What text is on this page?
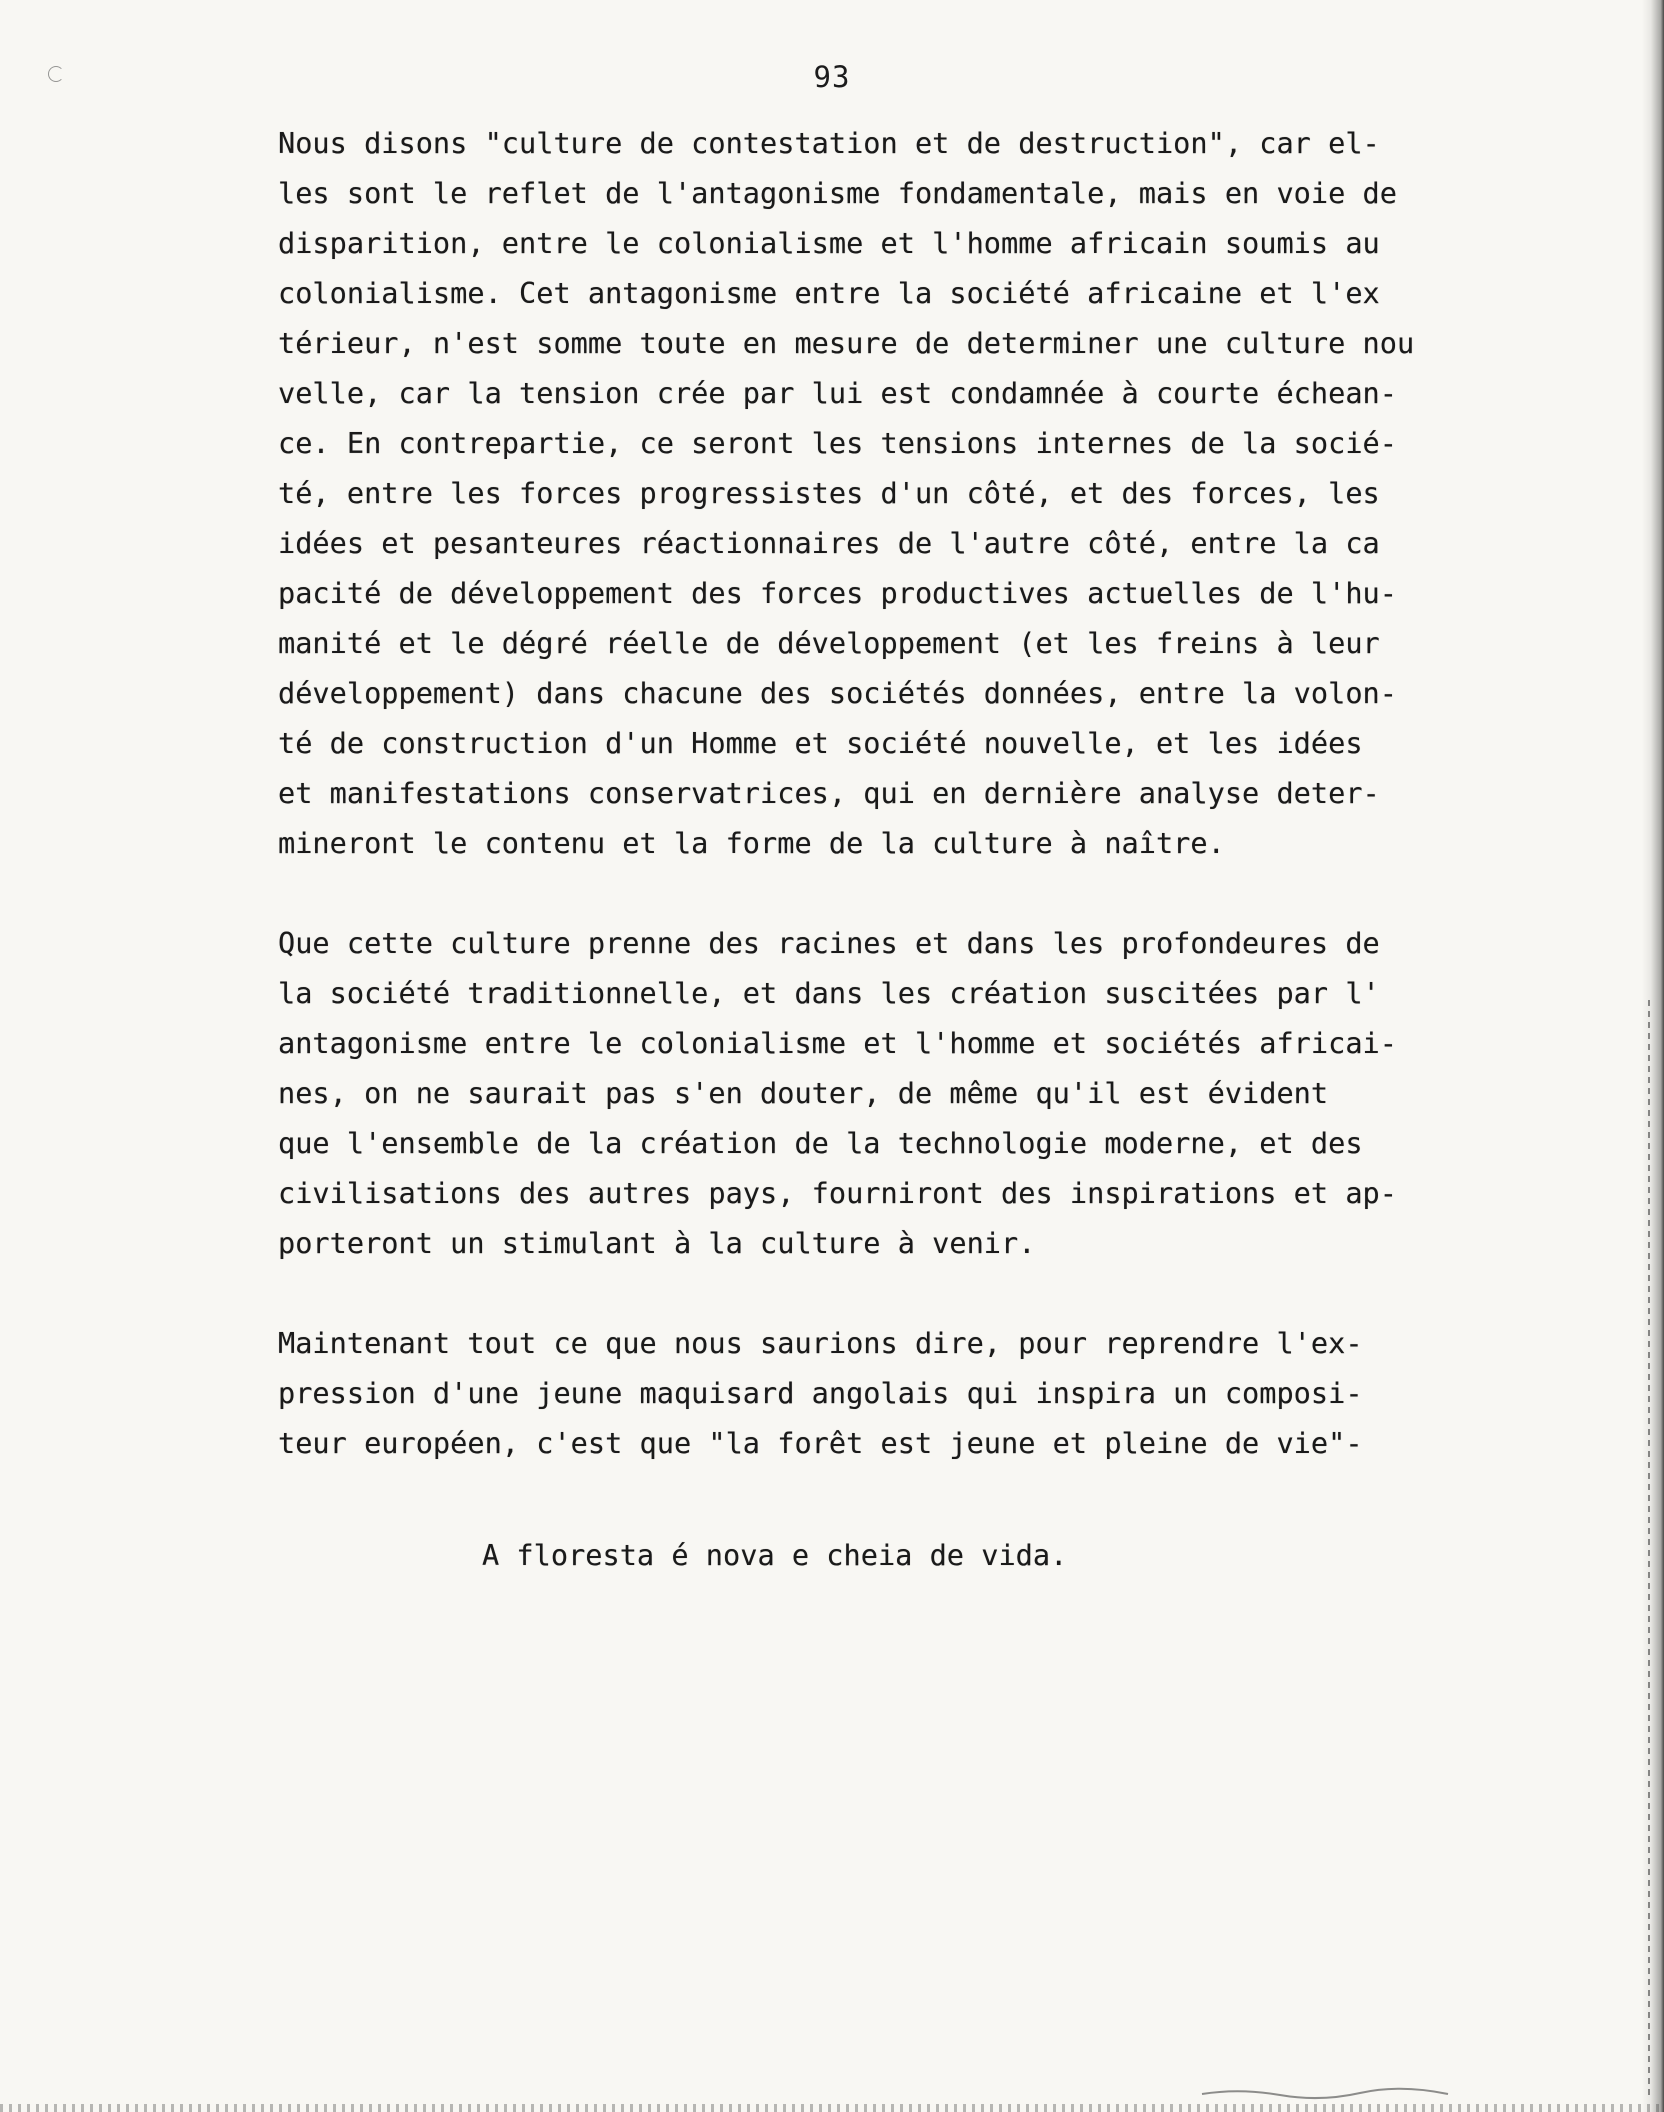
93
Nous disons "culture de contestation et de destruction", car el-
les sont le reflet de l'antagonisme fondamentale, mais en voie de
disparition, entre le colonialisme et l'homme africain soumis au
colonialisme. Cet antagonisme entre la société africaine et l'ex
térieur, n'est somme toute en mesure de determiner une culture nou
velle, car la tension crée par lui est condamnée à courte échean-
ce. En contrepartie, ce seront les tensions internes de la socié-
té, entre les forces progressistes d'un côté, et des forces, les
idées et pesanteures réactionnaires de l'autre côté, entre la ca
pacité de développement des forces productives actuelles de l'hu-
manité et le dégré réelle de développement (et les freins à leur
développement) dans chacune des sociétés données, entre la volon-
té de construction d'un Homme et société nouvelle, et les idées
et manifestations conservatrices, qui en dernière analyse deter-
mineront le contenu et la forme de la culture à naître.
Que cette culture prenne des racines et dans les profondeures de
la société traditionnelle, et dans les création suscitées par l'
antagonisme entre le colonialisme et l'homme et sociétés africai-
nes, on ne saurait pas s'en douter, de même qu'il est évident
que l'ensemble de la création de la technologie moderne, et des
civilisations des autres pays, fourniront des inspirations et ap-
porteront un stimulant à la culture à venir.
Maintenant tout ce que nous saurions dire, pour reprendre l'ex-
pression d'une jeune maquisard angolais qui inspira un composi-
teur européen, c'est que "la forêt est jeune et pleine de vie"-
A floresta é nova e cheia de vida.
